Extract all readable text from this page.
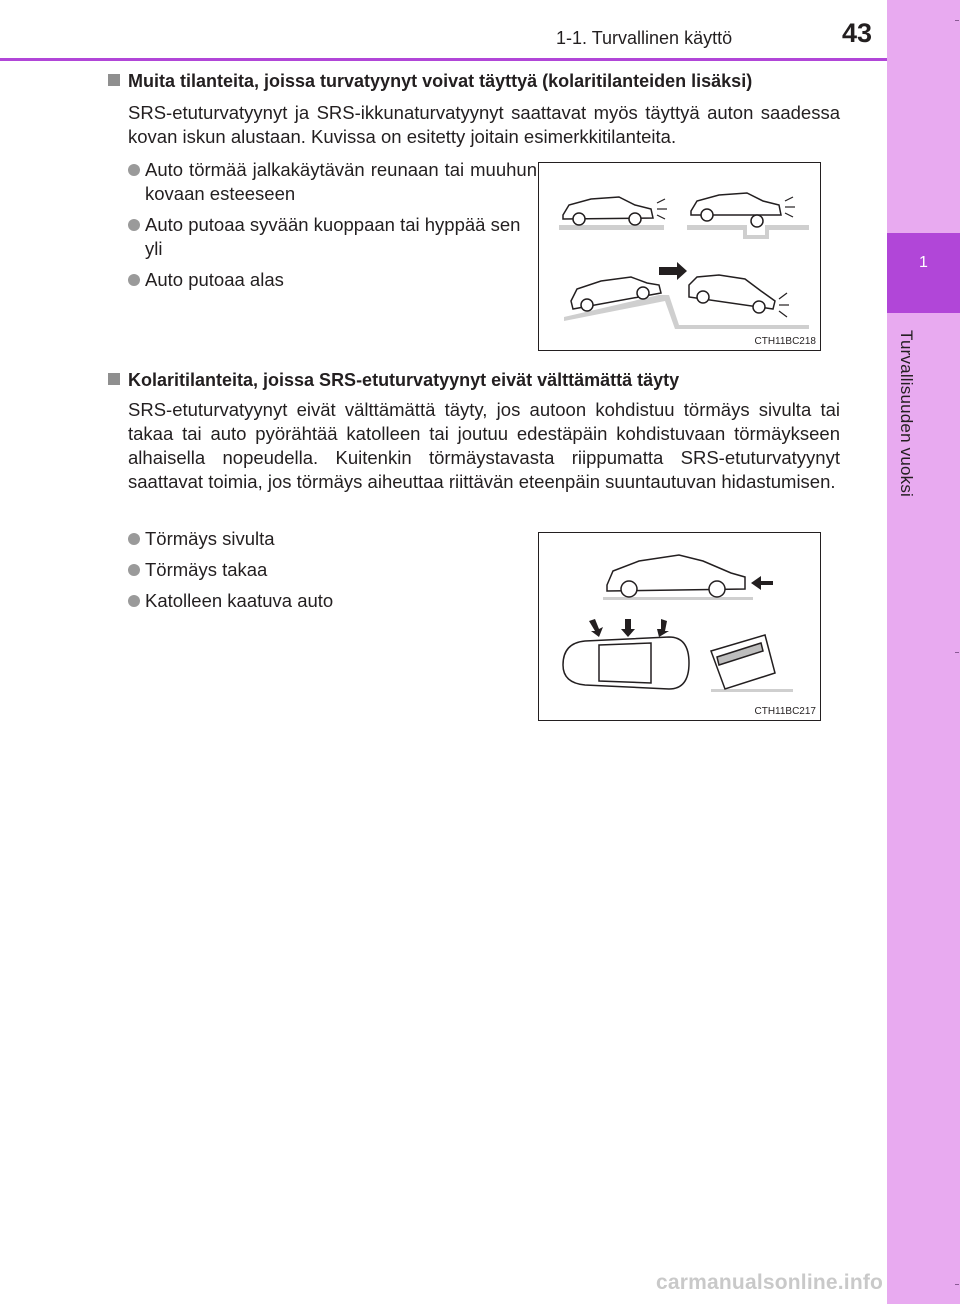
1
Turvallisuuden vuoksi
1-1. Turvallinen käyttö	43
Muita tilanteita, joissa turvatyynyt voivat täyttyä (kolaritilanteiden lisäksi)
SRS-etuturvatyynyt ja SRS-ikkunaturvatyynyt saattavat myös täyttyä auton saadessa kovan iskun alustaan. Kuvissa on esitetty joitain esimerkkitilanteita.
Auto törmää jalkakäytävän reunaan tai muuhun kovaan esteeseen
Auto putoaa syvään kuoppaan tai hyppää sen yli
Auto putoaa alas
CTH11BC218
Kolaritilanteita, joissa SRS-etuturvatyynyt eivät välttämättä täyty
SRS-etuturvatyynyt eivät välttämättä täyty, jos autoon kohdistuu törmäys sivulta tai takaa tai auto pyörähtää katolleen tai joutuu edestäpäin kohdistuvaan törmäykseen alhaisella nopeudella. Kuitenkin törmäystavasta riippumatta SRS-etuturvatyynyt saattavat toimia, jos törmäys aiheuttaa riittävän eteenpäin suuntautuvan hidastumisen.
Törmäys sivulta
Törmäys takaa
Katolleen kaatuva auto
CTH11BC217
carmanualsonline.info
